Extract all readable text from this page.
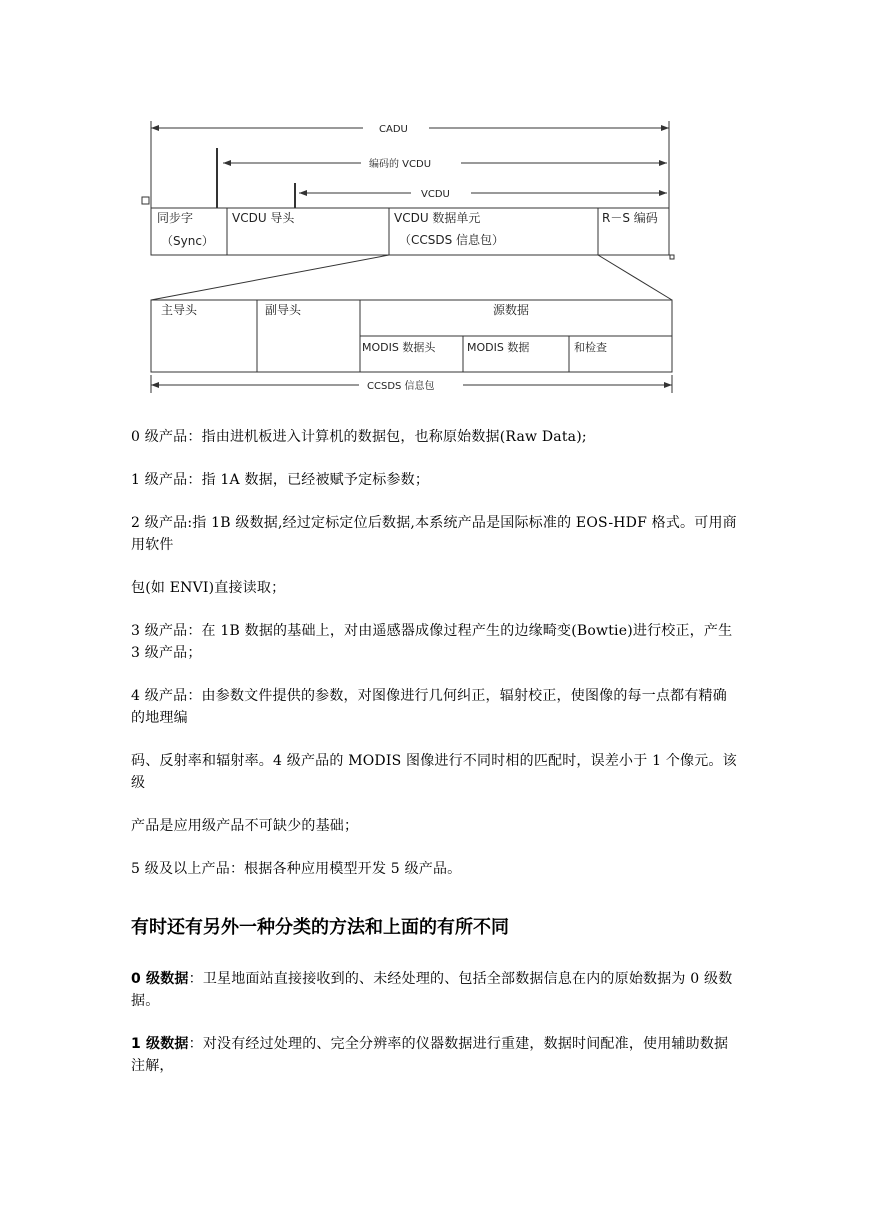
CADU
编码的 VCDU
VCDU
同步字
（Sync）
VCDU 导头	VCDU 数据单元
（CCSDS 信息包）
R－S 编码
主导头	副导头	源数据
MODIS 数据头	MODIS 数据	和检查
CCSDS 信息包

0 级产品：指由进机板进入计算机的数据包，也称原始数据(Raw Data);

1 级产品：指 1A 数据，已经被赋予定标参数；

2 级产品:指 1B 级数据,经过定标定位后数据,本系统产品是国际标准的 EOS-HDF 格式。可用商用软件

包(如 ENVI)直接读取；

3 级产品：在 1B 数据的基础上，对由遥感器成像过程产生的边缘畸变(Bowtie)进行校正，产生 3 级产品；

4 级产品：由参数文件提供的参数，对图像进行几何纠正，辐射校正，使图像的每一点都有精确的地理编

码、反射率和辐射率。4 级产品的 MODIS 图像进行不同时相的匹配时，误差小于 1 个像元。该级

产品是应用级产品不可缺少的基础；

5 级及以上产品：根据各种应用模型开发 5 级产品。

有时还有另外一种分类的方法和上面的有所不同

0 级数据：卫星地面站直接接收到的、未经处理的、包括全部数据信息在内的原始数据为 0 级数据。

1 级数据：对没有经过处理的、完全分辨率的仪器数据进行重建，数据时间配准，使用辅助数据注解，
